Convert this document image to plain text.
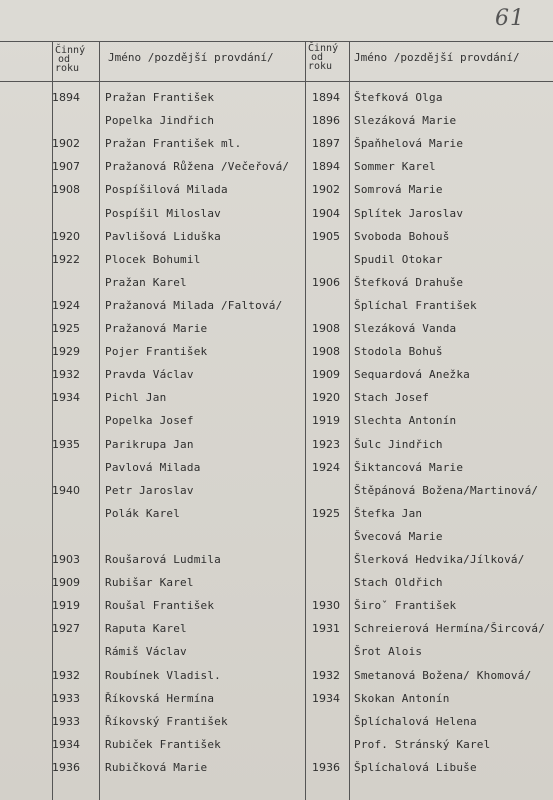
61
Činný
od
roku
Jméno /pozdější provdání/
Činný
od
roku
Jméno /pozdější provdání/
1894 Pražan František
Popelka Jindřich
1902 Pražan František ml.
1907 Pražanová Růžena /Večeřová/
1908 Pospíšilová Milada
Pospíšil Miloslav
1920 Pavlišová Liduška
1922 Plocek Bohumil
Pražan Karel
1924 Pražanová Milada /Faltová/
1925 Pražanová Marie
1929 Pojer František
1932 Pravda Václav
1934 Pichl Jan
Popelka Josef
1935 Parikrupa Jan
Pavlová Milada
1940 Petr Jaroslav
Polák Karel
1903 Roušarová Ludmila
1909 Rubišar Karel
1919 Roušal František
1927 Raputa Karel
Rámiš Václav
1932 Roubínek Vladisl.
1933 Říkovská Hermína
1933 Říkovský František
1934 Rubiček František
1936 Rubičková Marie
1894 Štefková Olga
1896 Slezáková Marie
1897 Špaňhelová Marie
1894 Sommer Karel
1902 Somrová Marie
1904 Splítek Jaroslav
1905 Svoboda Bohouš
Spudil Otokar
1906 Štefková Drahuše
Šplíchal František
1908 Slezáková Vanda
1908 Stodola Bohuš
1909 Sequardová Anežka
1920 Stach Josef
1919 Slechta Antonín
1923 Šulc Jindřich
1924 Šiktancová Marie
Štěpánová Božena/Martinová/
1925 Štefka Jan
Švecová Marie
Šlerková Hedvika/Jílková/
Stach Oldřich
1930 Široˇ František
1931 Schreierová Hermína/Šircová/
Šrot Alois
1932 Smetanová Božena/ Khomová/
1934 Skokan Antonín
Šplíchalová Helena
Prof. Stránský Karel
1936 Šplíchalová Libuše
